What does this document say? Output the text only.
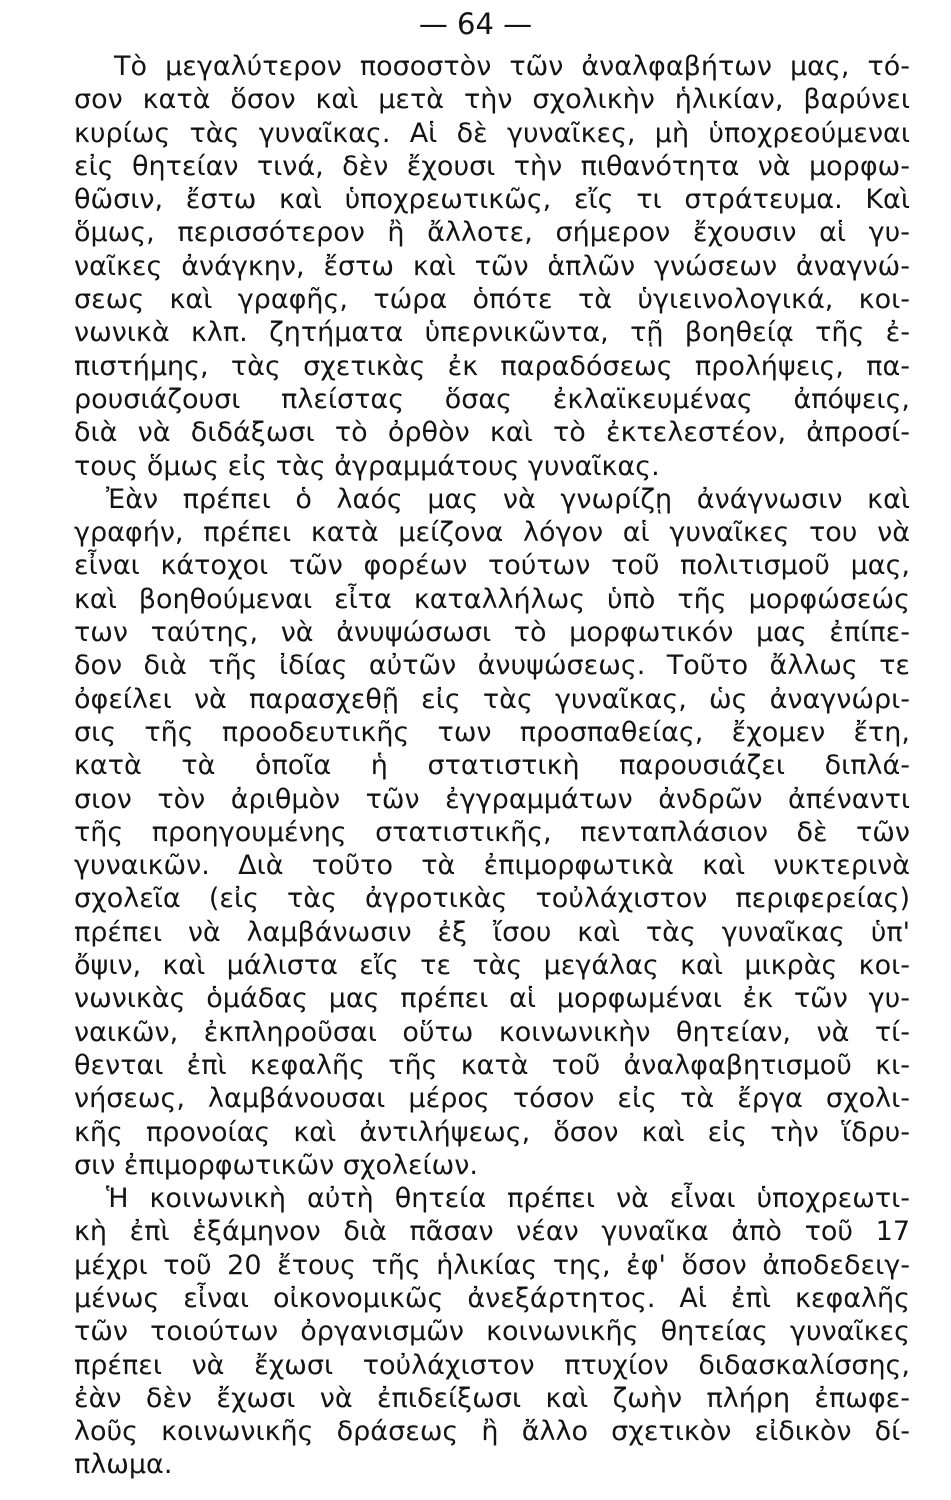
— 64 —
Τὸ μεγαλύτερον ποσοστὸν τῶν ἀναλφαβήτων μας, τό-
σον κατὰ ὅσον καὶ μετὰ τὴν σχολικὴν ἡλικίαν, βαρύνει
κυρίως τὰς γυναῖκας. Αἱ δὲ γυναῖκες, μὴ ὑποχρεούμεναι
εἰς θητείαν τινά, δὲν ἔχουσι τὴν πιθανότητα νὰ μορφω-
θῶσιν, ἔστω καὶ ὑποχρεωτικῶς, εἴς τι στράτευμα. Καὶ
ὅμως, περισσότερον ἢ ἄλλοτε, σήμερον ἔχουσιν αἱ γυ-
ναῖκες ἀνάγκην, ἔστω καὶ τῶν ἁπλῶν γνώσεων ἀναγνώ-
σεως καὶ γραφῆς, τώρα ὁπότε τὰ ὑγιεινολογικά, κοι-
νωνικὰ κλπ. ζητήματα ὑπερνικῶντα, τῇ βοηθείᾳ τῆς ἐ-
πιστήμης, τὰς σχετικὰς ἐκ παραδόσεως προλήψεις, πα-
ρουσιάζουσι πλείστας ὅσας ἐκλαϊκευμένας ἀπόψεις,
διὰ νὰ διδάξωσι τὸ ὀρθὸν καὶ τὸ ἐκτελεστέον, ἀπροσί-
τους ὅμως εἰς τὰς ἀγραμμάτους γυναῖκας.
Ἐὰν πρέπει ὁ λαός μας νὰ γνωρίζῃ ἀνάγνωσιν καὶ
γραφήν, πρέπει κατὰ μείζονα λόγον αἱ γυναῖκες του νὰ
εἶναι κάτοχοι τῶν φορέων τούτων τοῦ πολιτισμοῦ μας,
καὶ βοηθούμεναι εἶτα καταλλήλως ὑπὸ τῆς μορφώσεώς
των ταύτης, νὰ ἀνυψώσωσι τὸ μορφωτικόν μας ἐπίπε-
δον διὰ τῆς ἰδίας αὐτῶν ἀνυψώσεως. Τοῦτο ἄλλως τε
ὀφείλει νὰ παρασχεθῇ εἰς τὰς γυναῖκας, ὡς ἀναγνώρι-
σις τῆς προοδευτικῆς των προσπαθείας, ἔχομεν ἔτη,
κατὰ τὰ ὁποῖα ἡ στατιστικὴ παρουσιάζει διπλά-
σιον τὸν ἀριθμὸν τῶν ἐγγραμμάτων ἀνδρῶν ἀπέναντι
τῆς προηγουμένης στατιστικῆς, πενταπλάσιον δὲ τῶν
γυναικῶν. Διὰ τοῦτο τὰ ἐπιμορφωτικὰ καὶ νυκτερινὰ
σχολεῖα (εἰς τὰς ἀγροτικὰς τοὐλάχιστον περιφερείας)
πρέπει νὰ λαμβάνωσιν ἐξ ἴσου καὶ τὰς γυναῖκας ὑπ'
ὄψιν, καὶ μάλιστα εἴς τε τὰς μεγάλας καὶ μικρὰς κοι-
νωνικὰς ὁμάδας μας πρέπει αἱ μορφωμέναι ἐκ τῶν γυ-
ναικῶν, ἐκπληροῦσαι οὕτω κοινωνικὴν θητείαν, νὰ τί-
θενται ἐπὶ κεφαλῆς τῆς κατὰ τοῦ ἀναλφαβητισμοῦ κι-
νήσεως, λαμβάνουσαι μέρος τόσον εἰς τὰ ἔργα σχολι-
κῆς προνοίας καὶ ἀντιλήψεως, ὅσον καὶ εἰς τὴν ἵδρυ-
σιν ἐπιμορφωτικῶν σχολείων.
Ἡ κοινωνικὴ αὐτὴ θητεία πρέπει νὰ εἶναι ὑποχρεωτι-
κὴ ἐπὶ ἑξάμηνον διὰ πᾶσαν νέαν γυναῖκα ἀπὸ τοῦ 17
μέχρι τοῦ 20 ἔτους τῆς ἡλικίας της, ἐφ' ὅσον ἀποδεδειγ-
μένως εἶναι οἰκονομικῶς ἀνεξάρτητος. Αἱ ἐπὶ κεφαλῆς
τῶν τοιούτων ὀργανισμῶν κοινωνικῆς θητείας γυναῖκες
πρέπει νὰ ἔχωσι τοὐλάχιστον πτυχίον διδασκαλίσσης,
ἐὰν δὲν ἔχωσι νὰ ἐπιδείξωσι καὶ ζωὴν πλήρη ἐπωφε-
λοῦς κοινωνικῆς δράσεως ἢ ἄλλο σχετικὸν εἰδικὸν δί-
πλωμα.
